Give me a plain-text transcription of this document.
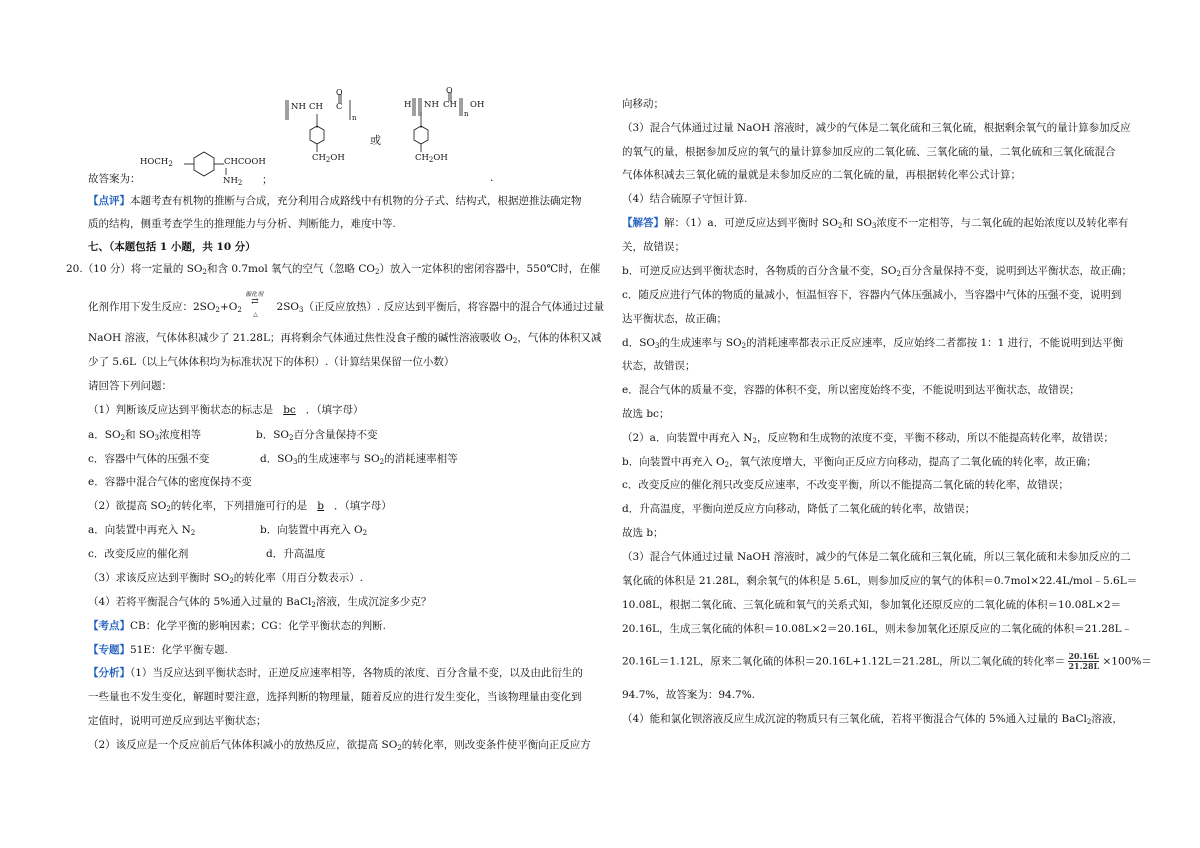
$HOCH_2$	CHCOOH
$NH_2$
NH CH C
O
n
$CH_2OH$
或
H NH CH
O
n
OH
$CH_2OH$
；	.
故答案为：
【点评】本题考查有机物的推断与合成，充分利用合成路线中有机物的分子式、结构式，根据逆推法确定物
质的结构，侧重考查学生的推理能力与分析、判断能力，难度中等.
七、（本题包括 1 小题，共 10 分）
20.（10 分）将一定量的 $SO_2$和含 0.7mol 氧气的空气（忽略 $CO_2$）放入一定体积的密闭容器中，550℃时，在催
化剂作用下发生反应：$2SO_2+O_2$
催化剂
⇄
△
$2SO_3$（正反应放热）. 反应达到平衡后，将容器中的混合气体通过过量
NaOH 溶液，气体体积减少了 21.28L；再将剩余气体通过焦性没食子酸的碱性溶液吸收 $O_2$，气体的体积又减
少了 5.6L（以上气体体积均为标准状况下的体积）.（计算结果保留一位小数）
请回答下列问题：
（1）判断该反应达到平衡状态的标志是 bc ．（填字母）
a．$SO_2$和 $SO_3$浓度相等	b．$SO_2$百分含量保持不变
c．容器中气体的压强不变	d．$SO_3$的生成速率与 $SO_2$的消耗速率相等
e．容器中混合气体的密度保持不变
（2）欲提高 $SO_2$的转化率，下列措施可行的是 b ．（填字母）
a．向装置中再充入 $N_2$	b．向装置中再充入 $O_2$
c．改变反应的催化剂	d．升高温度
（3）求该反应达到平衡时 $SO_2$的转化率（用百分数表示）.
（4）若将平衡混合气体的 5%通入过量的 BaCl$_2$溶液，生成沉淀多少克？
【考点】CB：化学平衡的影响因素；CG：化学平衡状态的判断.
【专题】51E：化学平衡专题.
【分析】（1）当反应达到平衡状态时，正逆反应速率相等，各物质的浓度、百分含量不变，以及由此衍生的
一些量也不发生变化，解题时要注意，选择判断的物理量，随着反应的进行发生变化，当该物理量由变化到
定值时，说明可逆反应到达平衡状态；
（2）该反应是一个反应前后气体体积减小的放热反应，欲提高 $SO_2$的转化率，则改变条件使平衡向正反应方
向移动；
（3）混合气体通过过量 NaOH 溶液时，减少的气体是二氧化硫和三氧化硫，根据剩余氧气的量计算参加反应
的氧气的量，根据参加反应的氧气的量计算参加反应的二氧化硫、三氧化硫的量，二氧化硫和三氧化硫混合
气体体积减去三氧化硫的量就是未参加反应的二氧化硫的量，再根据转化率公式计算；
（4）结合硫原子守恒计算.
【解答】解：（1）a．可逆反应达到平衡时 $SO_2$和 $SO_3$浓度不一定相等，与二氧化硫的起始浓度以及转化率有
关，故错误；
b．可逆反应达到平衡状态时，各物质的百分含量不变，$SO_2$百分含量保持不变，说明到达平衡状态，故正确；
c．随反应进行气体的物质的量减小，恒温恒容下，容器内气体压强减小，当容器中气体的压强不变，说明到
达平衡状态，故正确；
d．$SO_3$的生成速率与 $SO_2$的消耗速率都表示正反应速率，反应始终二者都按 1：1 进行，不能说明到达平衡
状态，故错误；
e．混合气体的质量不变，容器的体积不变，所以密度始终不变，不能说明到达平衡状态，故错误；
故选 bc；
（2）a．向装置中再充入 $N_2$，反应物和生成物的浓度不变，平衡不移动，所以不能提高转化率，故错误；
b．向装置中再充入 $O_2$，氧气浓度增大，平衡向正反应方向移动，提高了二氧化硫的转化率，故正确；
c．改变反应的催化剂只改变反应速率，不改变平衡，所以不能提高二氧化硫的转化率，故错误；
d．升高温度，平衡向逆反应方向移动，降低了二氧化硫的转化率，故错误；
故选 b；
（3）混合气体通过过量 NaOH 溶液时，减少的气体是二氧化硫和三氧化硫，所以三氧化硫和未参加反应的二
氧化硫的体积是 21.28L，剩余氧气的体积是 5.6L，则参加反应的氧气的体积＝0.7mol×22.4L/mol﹣5.6L＝
10.08L，根据二氧化硫、三氧化硫和氧气的关系式知，参加氧化还原反应的二氧化硫的体积＝10.08L×2＝
20.16L，生成三氧化硫的体积＝10.08L×2＝20.16L，则未参加氧化还原反应的二氧化硫的体积＝21.28L﹣
20.16L＝1.12L，原来二氧化硫的体积＝20.16L+1.12L＝21.28L，所以二氧化硫的转化率＝ $\frac{20.16L}{21.28L} \times 100\%=$
94.7%，故答案为：94.7%.
（4）能和氯化钡溶液反应生成沉淀的物质只有三氧化硫，若将平衡混合气体的 5%通入过量的 BaCl$_2$溶液，
